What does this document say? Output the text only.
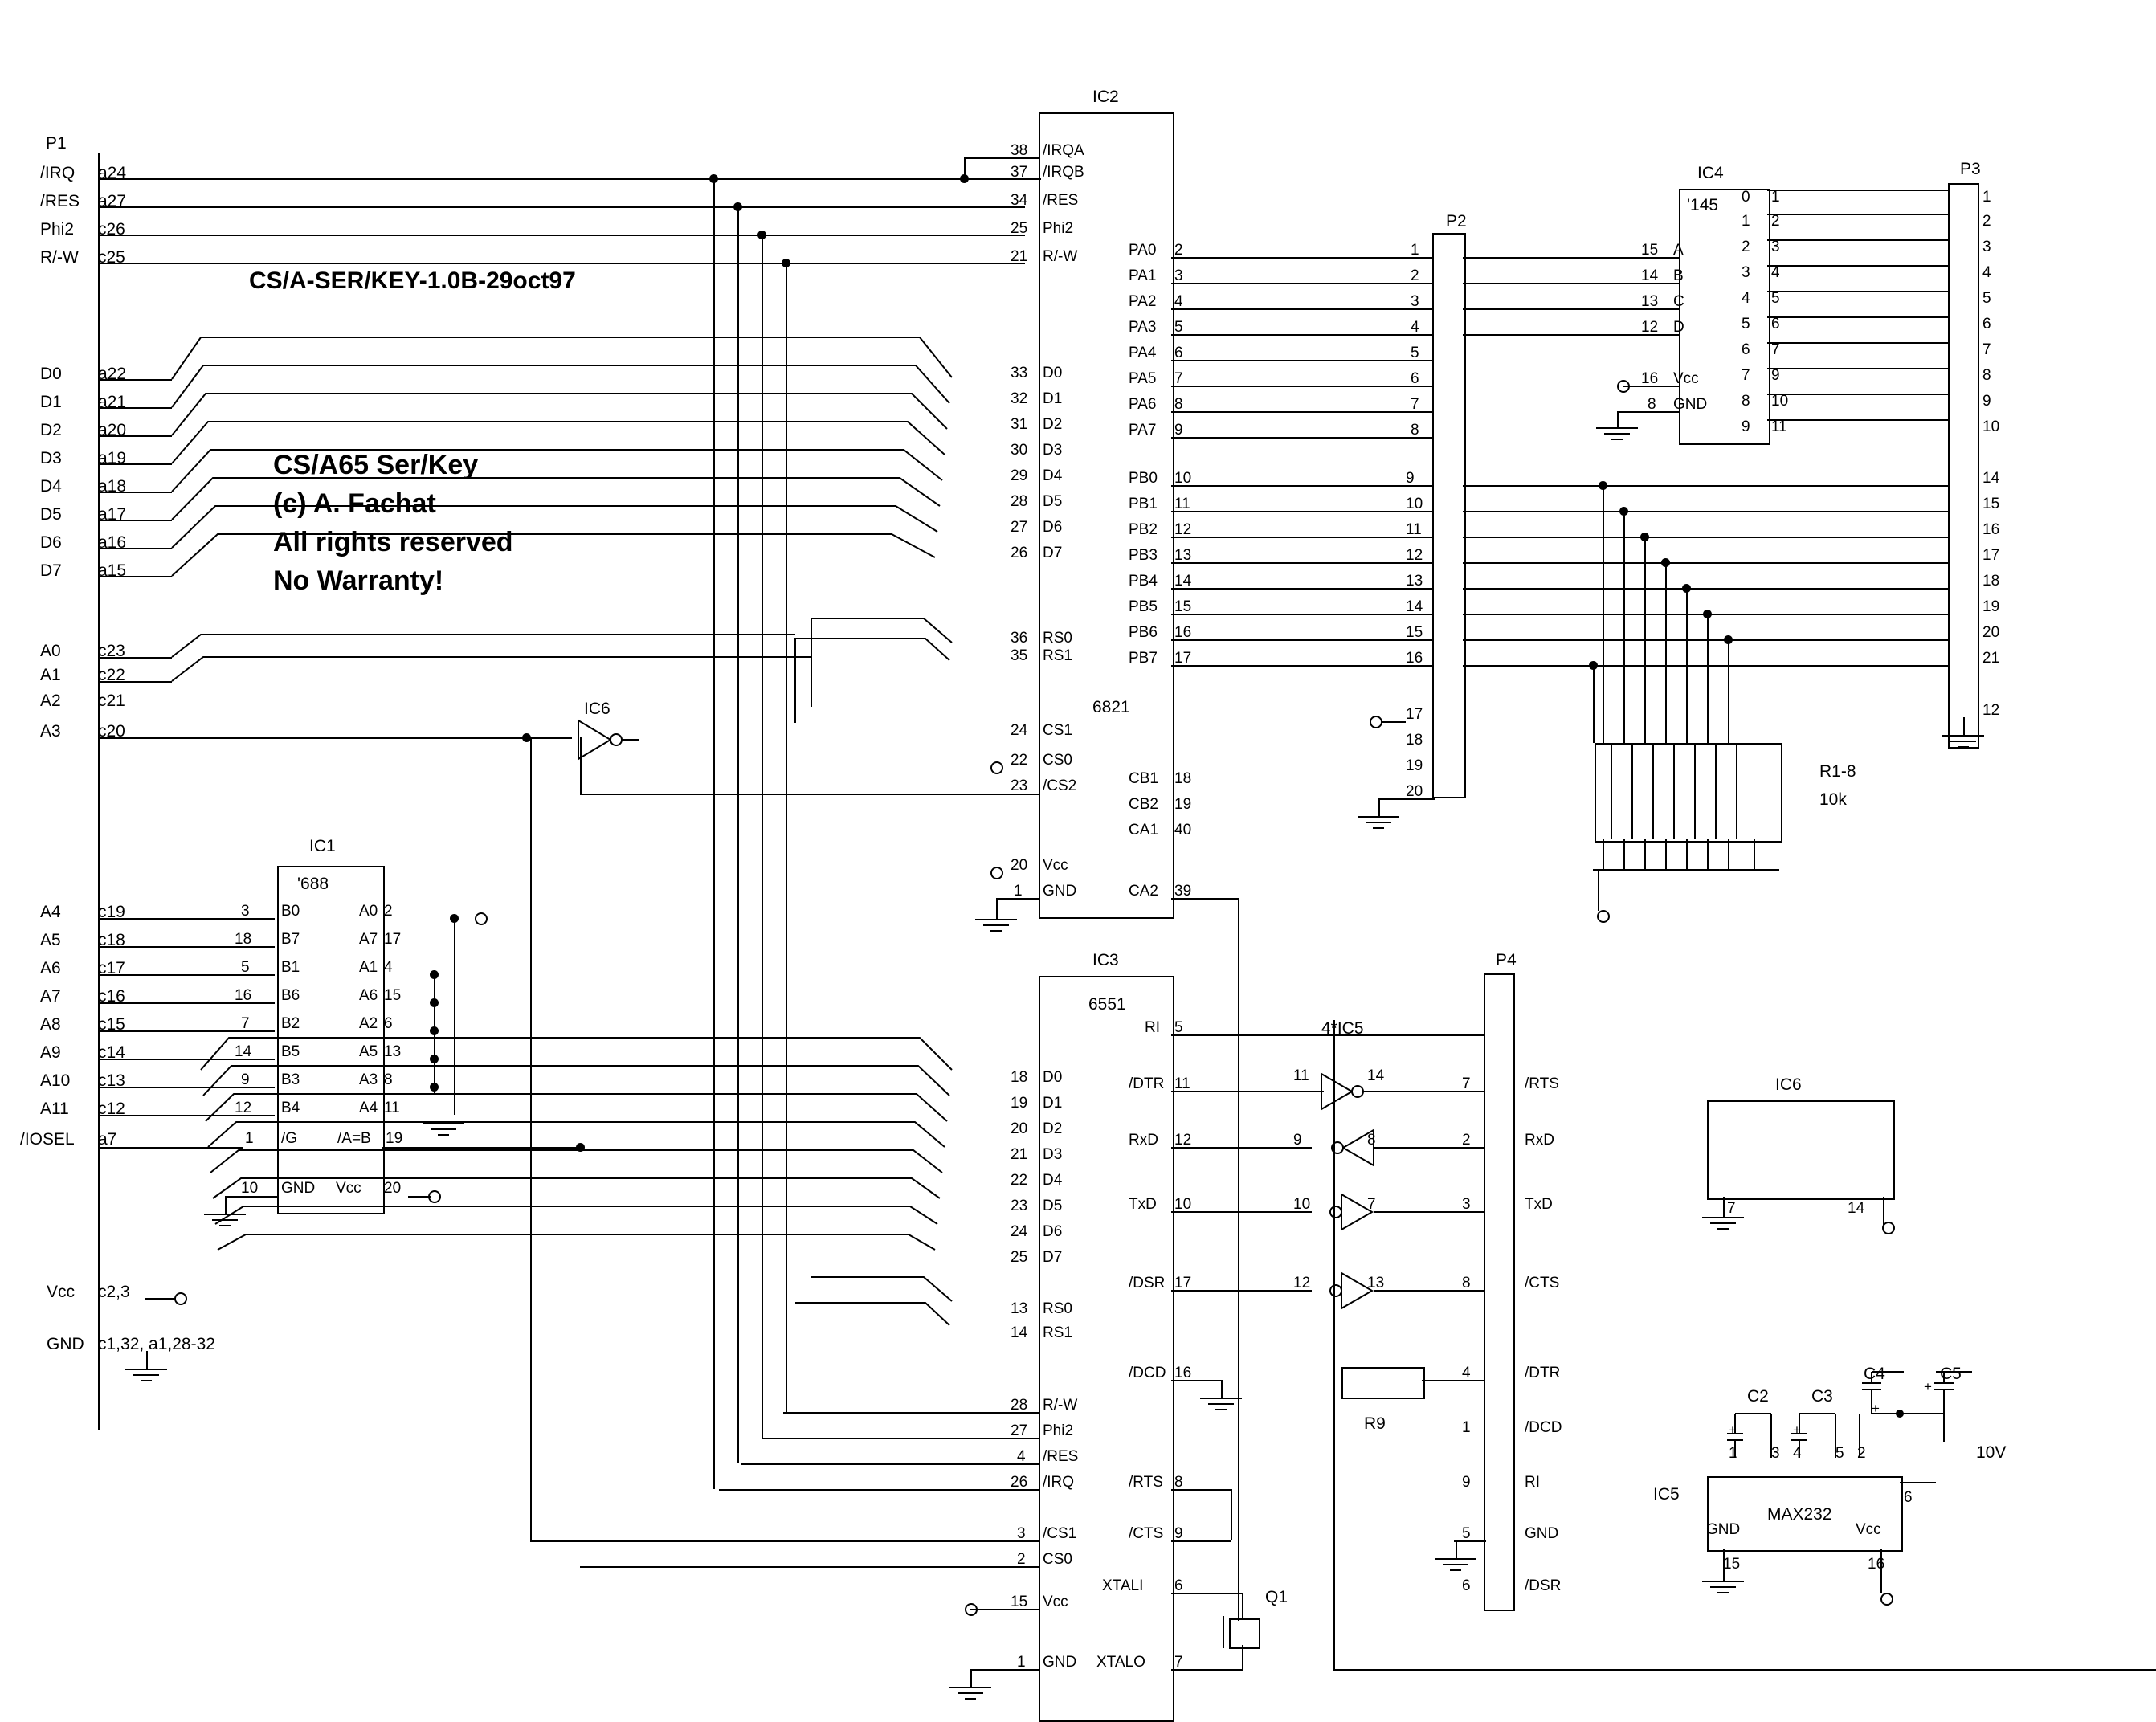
CS/A-SER/KEY-1.0B-29oct97
CS/A65 Ser/Key
(c) A. Fachat
All rights reserved
No Warranty!
P1
/IRQ a24
/RES a27
Phi2 c26
R/-W c25
D0 a22
D1 a21
D2 a20
D3 a19
D4 a18
D5 a17
D6 a16
D7 a15
A0 c23
A1 c22
A2 c21
A3 c20
A4 c19
A5 c18
A6 c17
A7 c16
A8 c15
A9 c14
A10 c13
A11 c12
/IOSEL a7
Vcc c2,3
GND c1,32, a1,28-32
IC1
'688
3 B0
18 B7
5 B1
16 B6
7 B2
14 B5
9 B3
12 B4
A0 2
A7 17
A1 4
A6 15
A2 6
A5 13
A3 8
A4 11
1 /G	/A=B 19
10 GND Vcc 20
IC6
IC2
6821
38 /IRQA
37 /IRQB
34 /RES
25 Phi2
21 R/-W
33 D0
32 D1
31 D2
30 D3
29 D4
28 D5
27 D6
26 D7
36 RS0
35 RS1
24 CS1
22 CS0
23 /CS2
20 Vcc
1 GND
PA0 2
PA1 3
PA2 4
PA3 5
PA4 6
PA5 7
PA6 8
PA7 9
PB0 10
PB1 11
PB2 12
PB3 13
PB4 14
PB5 15
PB6 16
PB7 17
CB1 18
CB2 19
CA1 40
CA2 39
P2
1
2
3
4
5
6
7
8
9
10
11
12
13
14
15
16
17
18
19
20
IC4
'145
15 A
14 B
13 C
12 D
16 Vcc
8 GND
0 1
1 2
2 3
3 4
4 5
5 6
6 7
7 9
8 10
9 11
P3
1
2
3
4
5
6
7
8
9
10
14
15
16
17
18
19
20
21
12
R1-8
10k
IC3
6551
18 D0
19 D1
20 D2
21 D3
22 D4
23 D5
24 D6
25 D7
13 RS0
14 RS1
28 R/-W
27 Phi2
4 /RES
26 /IRQ
3 /CS1
2 CS0
15 Vcc
1 GND
RI 5
/DTR 11
RxD 12
TxD 10
/DSR 17
/DCD 16
/RTS 8
/CTS 9
XTALI 6
XTALO 7
Q1
4*IC5
11	14
9	8
10	7
12	13
P4
7	/RTS
2	RxD
3	TxD
8	/CTS
4	/DTR
1	/DCD
9	RI
5	GND
6	/DSR
R9
IC6
7	14
IC5
MAX232
GND	Vcc
15	16
6
1 3 4 5 2
C2	C3
+	+
C4	C5
+
+
10V
